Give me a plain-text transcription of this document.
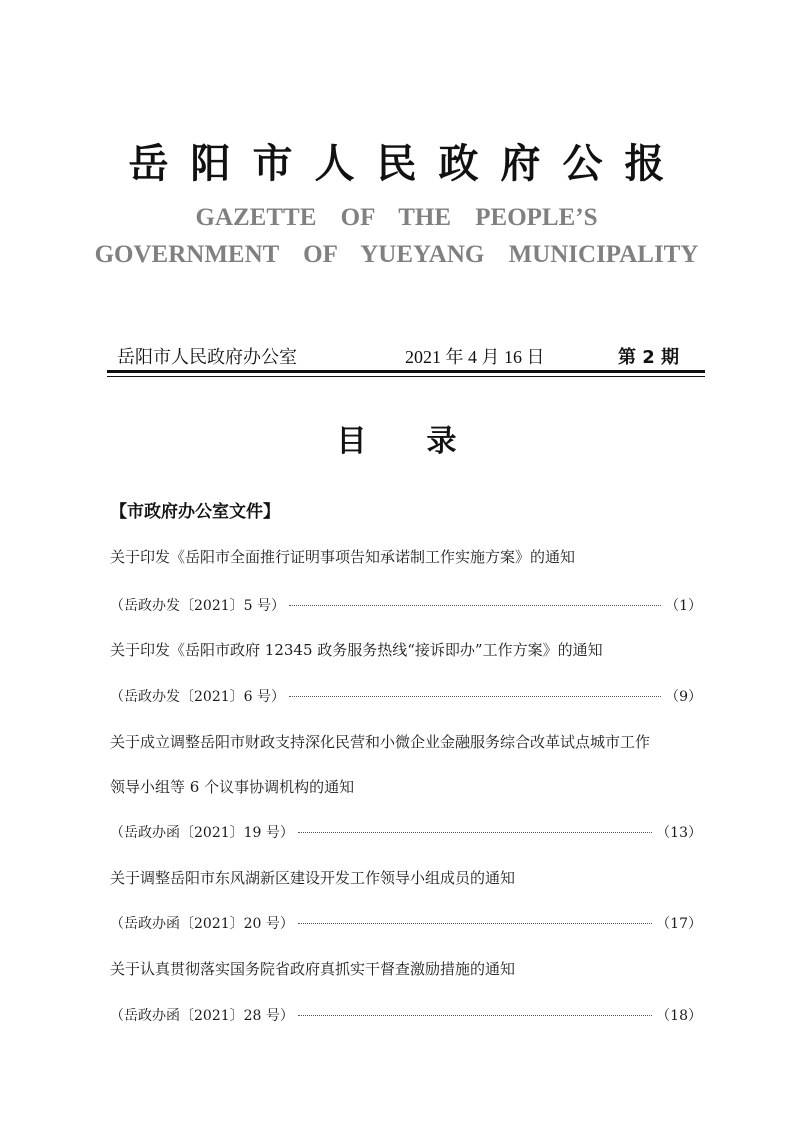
岳阳市人民政府公报
GAZETTE OF THE PEOPLE’S
GOVERNMENT OF YUEYANG MUNICIPALITY
岳阳市人民政府办公室	2021 年 4 月 16 日	第 2 期
目录
【市政府办公室文件】
关于印发《岳阳市全面推行证明事项告知承诺制工作实施方案》的通知
（岳政办发〔2021〕5 号）	（1）
关于印发《岳阳市政府 12345 政务服务热线“接诉即办”工作方案》的通知
（岳政办发〔2021〕6 号）	（9）
关于成立调整岳阳市财政支持深化民营和小微企业金融服务综合改革试点城市工作
领导小组等 6 个议事协调机构的通知
（岳政办函〔2021〕19 号）	（13）
关于调整岳阳市东风湖新区建设开发工作领导小组成员的通知
（岳政办函〔2021〕20 号）	（17）
关于认真贯彻落实国务院省政府真抓实干督查激励措施的通知
（岳政办函〔2021〕28 号）	（18）
